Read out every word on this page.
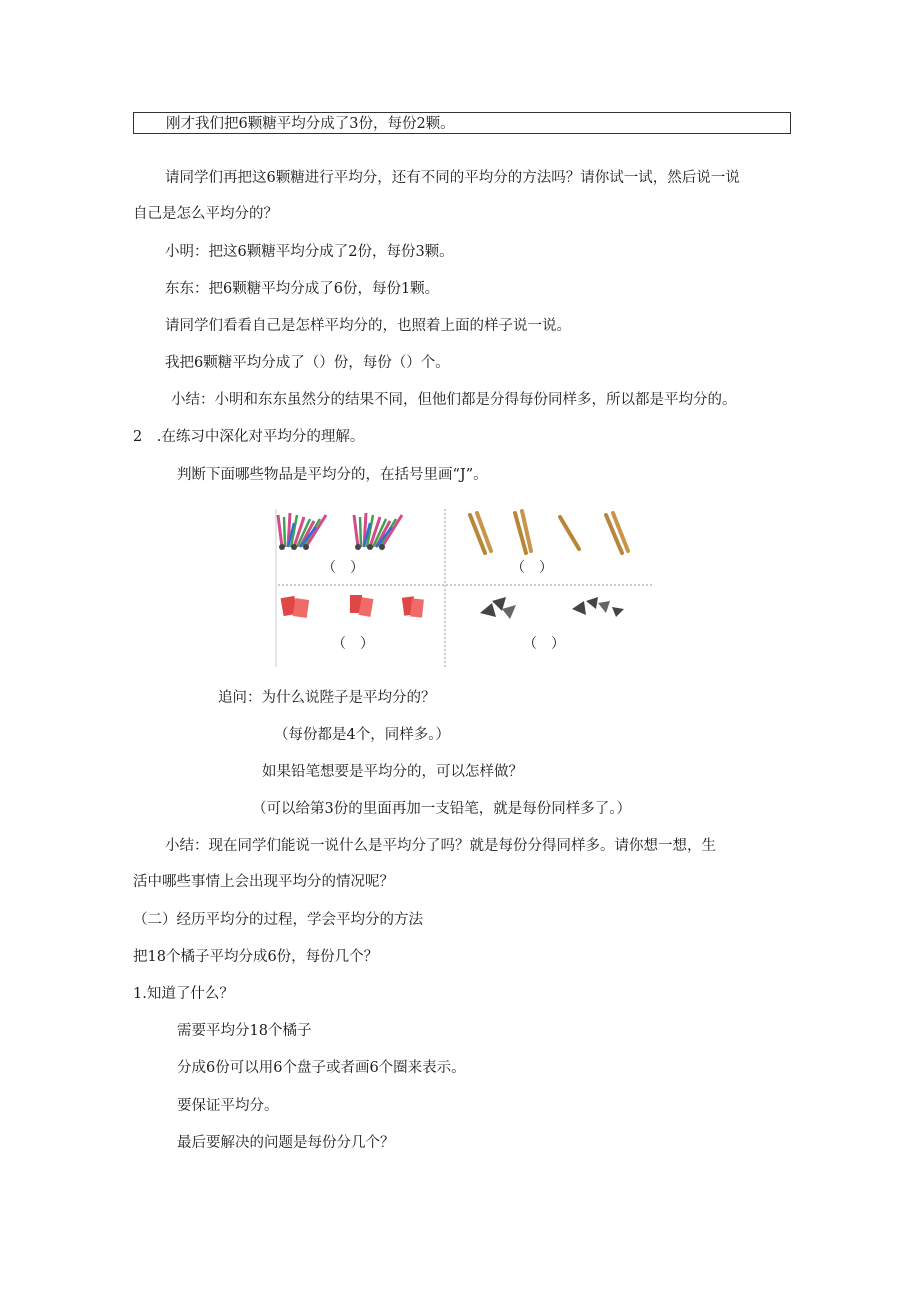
刚才我们把6颗糖平均分成了3份，每份2颗。
请同学们再把这6颗糖进行平均分，还有不同的平均分的方法吗？请你试一试，然后说一说
自己是怎么平均分的？
小明：把这6颗糖平均分成了2份，每份3颗。
东东：把6颗糖平均分成了6份，每份1颗。
请同学们看看自己是怎样平均分的，也照着上面的样子说一说。
我把6颗糖平均分成了（）份，每份（）个。
小结：小明和东东虽然分的结果不同，但他们都是分得每份同样多，所以都是平均分的。
2　.在练习中深化对平均分的理解。
判断下面哪些物品是平均分的，在括号里画“J”。
（　）	（　）
（　）	（　）
追问：为什么说陛子是平均分的？
（每份都是4个，同样多。）
如果铅笔想要是平均分的，可以怎样做？
（可以给第3份的里面再加一支铅笔，就是每份同样多了。）
小结：现在同学们能说一说什么是平均分了吗？就是每份分得同样多。请你想一想，生
活中哪些事情上会出现平均分的情况呢？
（二）经历平均分的过程，学会平均分的方法
把18个橘子平均分成6份，每份几个？
1.知道了什么？
需要平均分18个橘子
分成6份可以用6个盘子或者画6个圈来表示。
要保证平均分。
最后要解决的问题是每份分几个？
